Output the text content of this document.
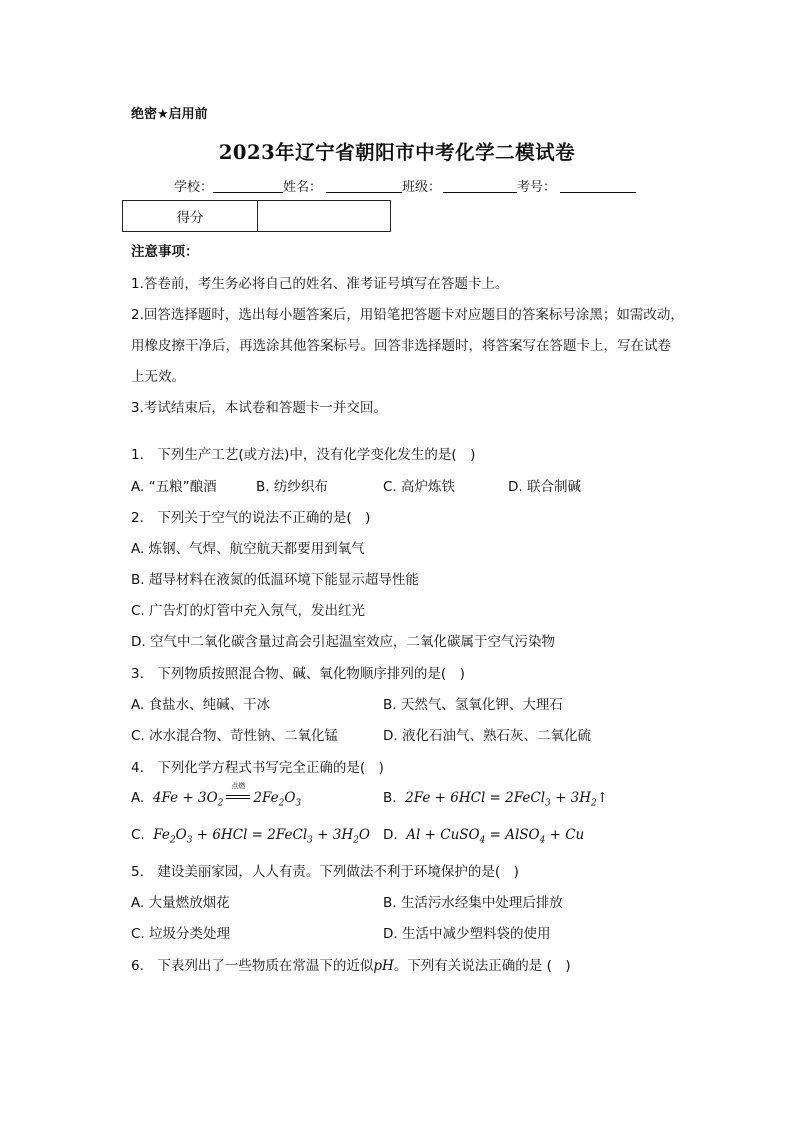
绝密★启用前
2023年辽宁省朝阳市中考化学二模试卷
学校：	姓名：	班级：	考号：
得分	
注意事项：
1.答卷前，考生务必将自己的姓名、准考证号填写在答题卡上。
2.回答选择题时，选出每小题答案后，用铅笔把答题卡对应题目的答案标号涂黑；如需改动，
用橡皮擦干净后，再选涂其他答案标号。回答非选择题时，将答案写在答题卡上，写在试卷
上无效。
3.考试结束后，本试卷和答题卡一并交回。
1.　下列生产工艺(或方法)中，没有化学变化发生的是(　)
A. “五粮”酿酒	B. 纺纱织布	C. 高炉炼铁	D. 联合制碱
2.　下列关于空气的说法不正确的是(　)
A. 炼钢、气焊、航空航天都要用到氧气
B. 超导材料在液氮的低温环境下能显示超导性能
C. 广告灯的灯管中充入氖气，发出红光
D. 空气中二氧化碳含量过高会引起温室效应，二氧化碳属于空气污染物
3.　下列物质按照混合物、碱、氧化物顺序排列的是(　)
A. 食盐水、纯碱、干冰	B. 天然气、氢氧化钾、大理石
C. 冰水混合物、苛性钠、二氧化锰	D. 液化石油气、熟石灰、二氧化硫
4.　下列化学方程式书写完全正确的是(　)
A.  $4Fe + 3O_2$
点燃
$2Fe_2O_3$	B.  2Fe + 6HCl = 2FeCl$_3$ + $3H_2↑$
C.  $Fe_2O_3 + 6HCl$ = 2FeCl$_3$ + $3H_2O$ D.  Al + CuSO$_4$ = AlSO$_4$ + Cu
5.　建设美丽家园，人人有责。下列做法不利于环境保护的是(　)
A. 大量燃放烟花	B. 生活污水经集中处理后排放
C. 垃圾分类处理	D. 生活中减少塑料袋的使用
6.　下表列出了一些物质在常温下的近似pH。下列有关说法正确的是 (　)
